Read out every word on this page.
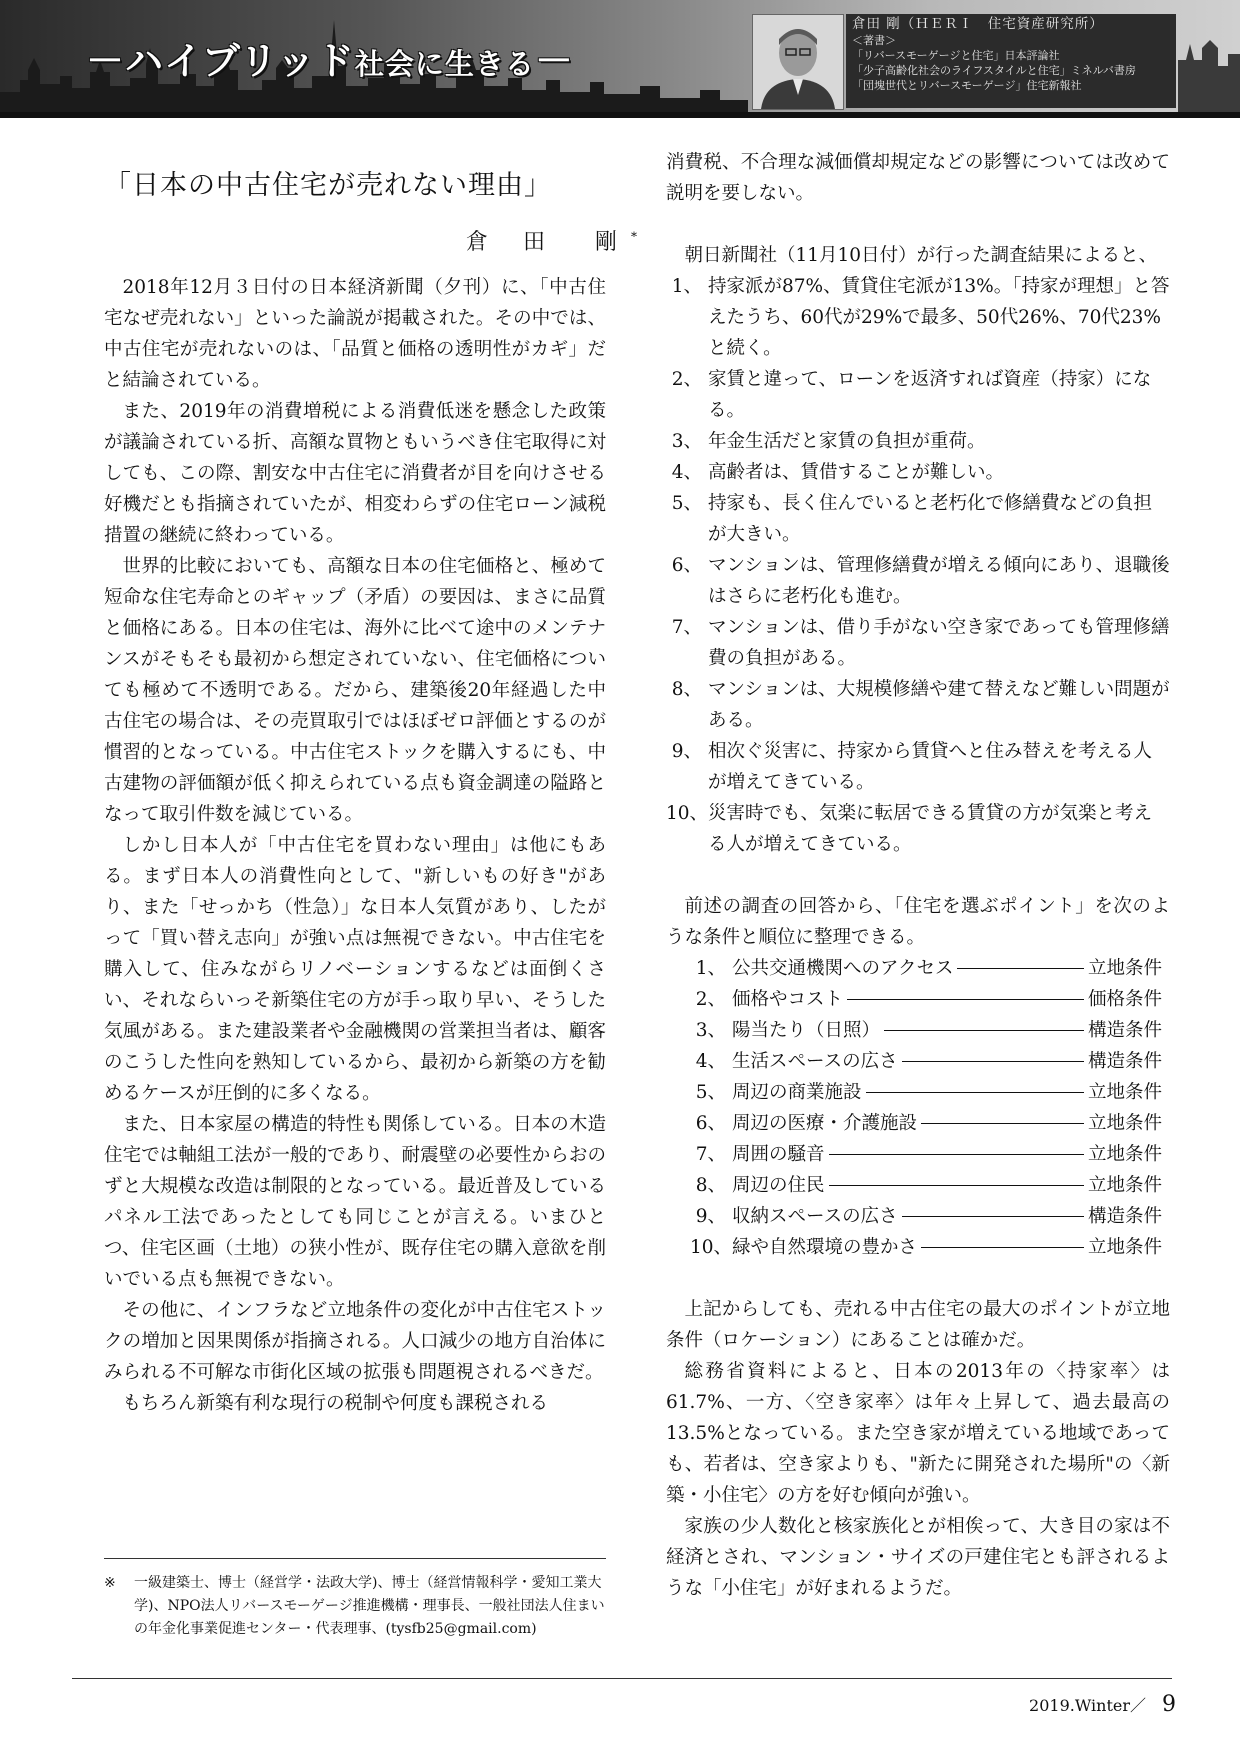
－ハイブリッド社会に生きる－
倉田 剛（ＨＥＲＩ　住宅資産研究所）
＜著書＞
「リバースモーゲージと住宅」日本評論社
「少子高齢化社会のライフスタイルと住宅」ミネルバ書房
「団塊世代とリバースモーゲージ」住宅新報社
「日本の中古住宅が売れない理由」
倉 田　剛*

2018年12月３日付の日本経済新聞（夕刊）に、「中古住宅なぜ売れない」といった論説が掲載された。その中では、中古住宅が売れないのは、「品質と価格の透明性がカギ」だと結論されている。

また、2019年の消費増税による消費低迷を懸念した政策が議論されている折、高額な買物ともいうべき住宅取得に対しても、この際、割安な中古住宅に消費者が目を向けさせる好機だとも指摘されていたが、相変わらずの住宅ローン減税措置の継続に終わっている。

世界的比較においても、高額な日本の住宅価格と、極めて短命な住宅寿命とのギャップ（矛盾）の要因は、まさに品質と価格にある。日本の住宅は、海外に比べて途中のメンテナンスがそもそも最初から想定されていない、住宅価格についても極めて不透明である。だから、建築後20年経過した中古住宅の場合は、その売買取引ではほぼゼロ評価とするのが慣習的となっている。中古住宅ストックを購入するにも、中古建物の評価額が低く抑えられている点も資金調達の隘路となって取引件数を減じている。

しかし日本人が「中古住宅を買わない理由」は他にもある。まず日本人の消費性向として、"新しいもの好き"があり、また「せっかち（性急）」な日本人気質があり、したがって「買い替え志向」が強い点は無視できない。中古住宅を購入して、住みながらリノベーションするなどは面倒くさい、それならいっそ新築住宅の方が手っ取り早い、そうした気風がある。また建設業者や金融機関の営業担当者は、顧客のこうした性向を熟知しているから、最初から新築の方を勧めるケースが圧倒的に多くなる。

また、日本家屋の構造的特性も関係している。日本の木造住宅では軸組工法が一般的であり、耐震壁の必要性からおのずと大規模な改造は制限的となっている。最近普及しているパネル工法であったとしても同じことが言える。いまひとつ、住宅区画（土地）の狭小性が、既存住宅の購入意欲を削いでいる点も無視できない。

その他に、インフラなど立地条件の変化が中古住宅ストックの増加と因果関係が指摘される。人口減少の地方自治体にみられる不可解な市街化区域の拡張も問題視されるべきだ。

もちろん新築有利な現行の税制や何度も課税される

※	一級建築士、博士（経営学・法政大学)、博士（経営情報科学・愛知工業大学)、NPO法人リバースモーゲージ推進機構・理事長、一般社団法人住まいの年金化事業促進センター・代表理事、(tysfb25@gmail.com)

消費税、不合理な減価償却規定などの影響については改めて説明を要しない。

朝日新聞社（11月10日付）が行った調査結果によると、

1、 持家派が87%、賃貸住宅派が13%。「持家が理想」と答えたうち、60代が29%で最多、50代26%、70代23%と続く。

2、 家賃と違って、ローンを返済すれば資産（持家）になる。

3、 年金生活だと家賃の負担が重荷。

4、 高齢者は、賃借することが難しい。

5、 持家も、長く住んでいると老朽化で修繕費などの負担が大きい。

6、 マンションは、管理修繕費が増える傾向にあり、退職後はさらに老朽化も進む。

7、 マンションは、借り手がない空き家であっても管理修繕費の負担がある。

8、 マンションは、大規模修繕や建て替えなど難しい問題がある。

9、 相次ぐ災害に、持家から賃貸へと住み替えを考える人が増えてきている。

10、災害時でも、気楽に転居できる賃貸の方が気楽と考える人が増えてきている。

前述の調査の回答から、「住宅を選ぶポイント」を次のような条件と順位に整理できる。

1、 公共交通機関へのアクセス	立地条件

2、 価格やコスト	価格条件

3、 陽当たり（日照）	構造条件

4、 生活スペースの広さ	構造条件

5、 周辺の商業施設	立地条件

6、 周辺の医療・介護施設	立地条件

7、 周囲の騒音	立地条件

8、 周辺の住民	立地条件

9、 収納スペースの広さ	構造条件

10、 緑や自然環境の豊かさ	立地条件

上記からしても、売れる中古住宅の最大のポイントが立地条件（ロケーション）にあることは確かだ。

総務省資料によると、日本の2013年の〈持家率〉は61.7%、一方、〈空き家率〉は年々上昇して、過去最高の13.5%となっている。また空き家が増えている地域であっても、若者は、空き家よりも、"新たに開発された場所"の〈新築・小住宅〉の方を好む傾向が強い。

家族の少人数化と核家族化とが相俟って、大き目の家は不経済とされ、マンション・サイズの戸建住宅とも評されるような「小住宅」が好まれるようだ。

2019.Winter／ 9
